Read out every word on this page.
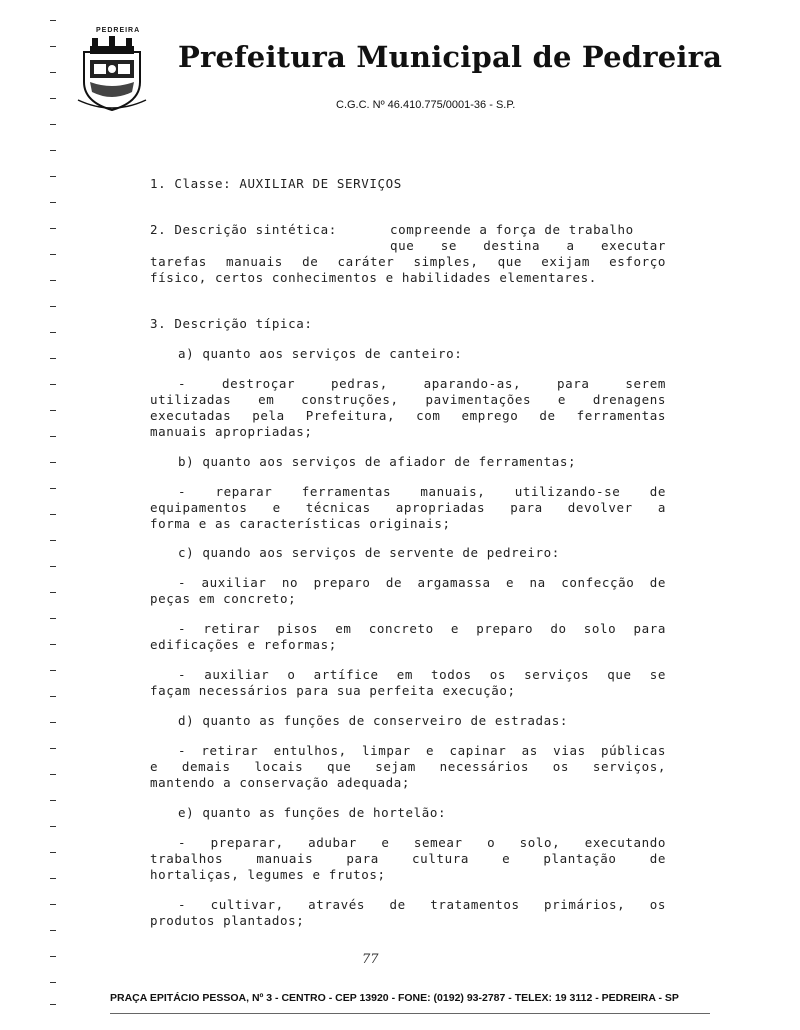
PEDREIRA
Prefeitura Municipal de Pedreira
C.G.C. Nº 46.410.775/0001-36 - S.P.
1. Classe: AUXILIAR DE SERVIÇOS
2. Descrição sintética:	compreende a força de trabalho
que se destina a executar
tarefas manuais de caráter simples, que exijam esforço
físico, certos conhecimentos e habilidades elementares.
3. Descrição típica:
a) quanto aos serviços de canteiro:
- destroçar pedras, aparando-as, para serem
utilizadas em construções, pavimentações e drenagens
executadas pela Prefeitura, com emprego de ferramentas
manuais apropriadas;
b) quanto aos serviços de afiador de ferramentas;
- reparar ferramentas manuais, utilizando-se de
equipamentos e técnicas apropriadas para devolver a
forma e as características originais;
c) quando aos serviços de servente de pedreiro:
- auxiliar no preparo de argamassa e na confecção de
peças em concreto;
- retirar pisos em concreto e preparo do solo para
edificações e reformas;
- auxiliar o artífice em todos os serviços que se
façam necessários para sua perfeita execução;
d) quanto as funções de conserveiro de estradas:
- retirar entulhos, limpar e capinar as vias públicas
e demais locais que sejam necessários os serviços,
mantendo a conservação adequada;
e) quanto as funções de hortelão:
- preparar, adubar e semear o solo, executando
trabalhos manuais para cultura e plantação de
hortaliças, legumes e frutos;
- cultivar, através de tratamentos primários, os
produtos plantados;
77
PRAÇA EPITÁCIO PESSOA, Nº 3 - CENTRO - CEP 13920 - FONE: (0192) 93-2787 - TELEX: 19 3112 - PEDREIRA - SP
